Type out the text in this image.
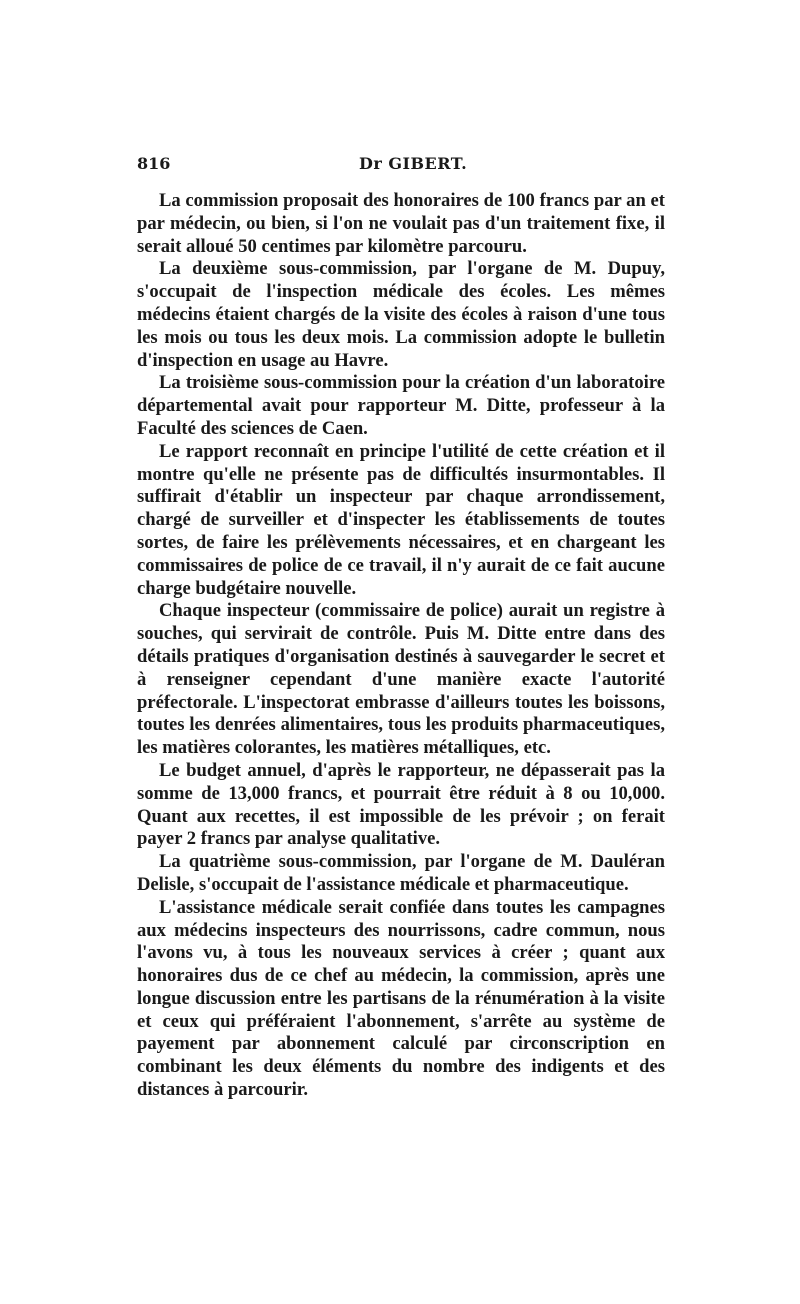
816	Dr GIBERT.

La commission proposait des honoraires de 100 francs par an et par médecin, ou bien, si l'on ne voulait pas d'un traitement fixe, il serait alloué 50 centimes par kilomètre parcouru.

La deuxième sous-commission, par l'organe de M. Dupuy, s'occupait de l'inspection médicale des écoles. Les mêmes médecins étaient chargés de la visite des écoles à raison d'une tous les mois ou tous les deux mois. La commission adopte le bulletin d'inspection en usage au Havre.

La troisième sous-commission pour la création d'un laboratoire départemental avait pour rapporteur M. Ditte, professeur à la Faculté des sciences de Caen.

Le rapport reconnaît en principe l'utilité de cette création et il montre qu'elle ne présente pas de difficultés insurmontables. Il suffirait d'établir un inspecteur par chaque arrondissement, chargé de surveiller et d'inspecter les établissements de toutes sortes, de faire les prélèvements nécessaires, et en chargeant les commissaires de police de ce travail, il n'y aurait de ce fait aucune charge budgétaire nouvelle.

Chaque inspecteur (commissaire de police) aurait un registre à souches, qui servirait de contrôle. Puis M. Ditte entre dans des détails pratiques d'organisation destinés à sauvegarder le secret et à renseigner cependant d'une manière exacte l'autorité préfectorale. L'inspectorat embrasse d'ailleurs toutes les boissons, toutes les denrées alimentaires, tous les produits pharmaceutiques, les matières colorantes, les matières métalliques, etc.

Le budget annuel, d'après le rapporteur, ne dépasserait pas la somme de 13,000 francs, et pourrait être réduit à 8 ou 10,000. Quant aux recettes, il est impossible de les prévoir ; on ferait payer 2 francs par analyse qualitative.

La quatrième sous-commission, par l'organe de M. Dauléran Delisle, s'occupait de l'assistance médicale et pharmaceutique.

L'assistance médicale serait confiée dans toutes les campagnes aux médecins inspecteurs des nourrissons, cadre commun, nous l'avons vu, à tous les nouveaux services à créer ; quant aux honoraires dus de ce chef au médecin, la commission, après une longue discussion entre les partisans de la rénumération à la visite et ceux qui préféraient l'abonnement, s'arrête au système de payement par abonnement calculé par circonscription en combinant les deux éléments du nombre des indigents et des distances à parcourir.
